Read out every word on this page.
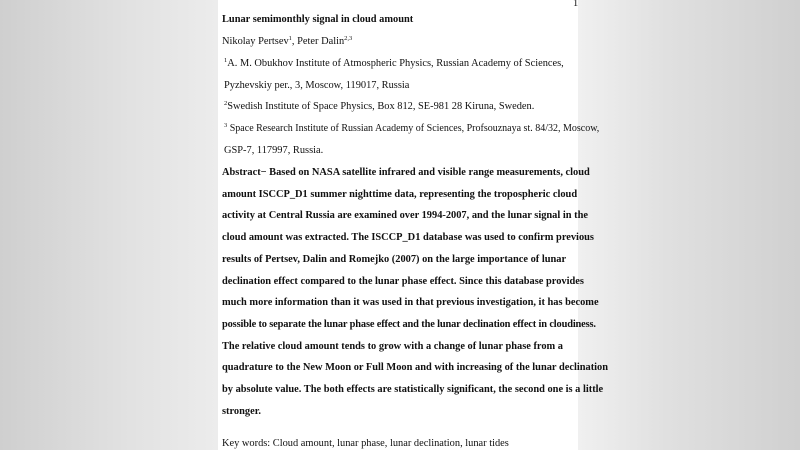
1
Lunar semimonthly signal in cloud amount
Nikolay Pertsev$^1$, Peter Dalin$^{2,3}$
$^1$A. M. Obukhov Institute of Atmospheric Physics, Russian Academy of Sciences,
Pyzhevskiy per., 3, Moscow, 119017, Russia
$^2$Swedish Institute of Space Physics, Box 812, SE-981 28 Kiruna, Sweden.
$^3$ Space Research Institute of Russian Academy of Sciences, Profsouznaya st. 84/32, Moscow,
GSP-7, 117997, Russia.
Abstract− Based on NASA satellite infrared and visible range measurements, cloud
amount ISCCP_D1 summer nighttime data, representing the tropospheric cloud
activity at Central Russia are examined over 1994-2007, and the lunar signal in the
cloud amount was extracted. The ISCCP_D1 database was used to confirm previous
results of Pertsev, Dalin and Romejko (2007) on the large importance of lunar
declination effect compared to the lunar phase effect. Since this database provides
much more information than it was used in that previous investigation, it has become
possible to separate the lunar phase effect and the lunar declination effect in cloudiness.
The relative cloud amount tends to grow with a change of lunar phase from a
quadrature to the New Moon or Full Moon and with increasing of the lunar declination
by absolute value. The both effects are statistically significant, the second one is a little
stronger.
Key words: Cloud amount, lunar phase, lunar declination, lunar tides
